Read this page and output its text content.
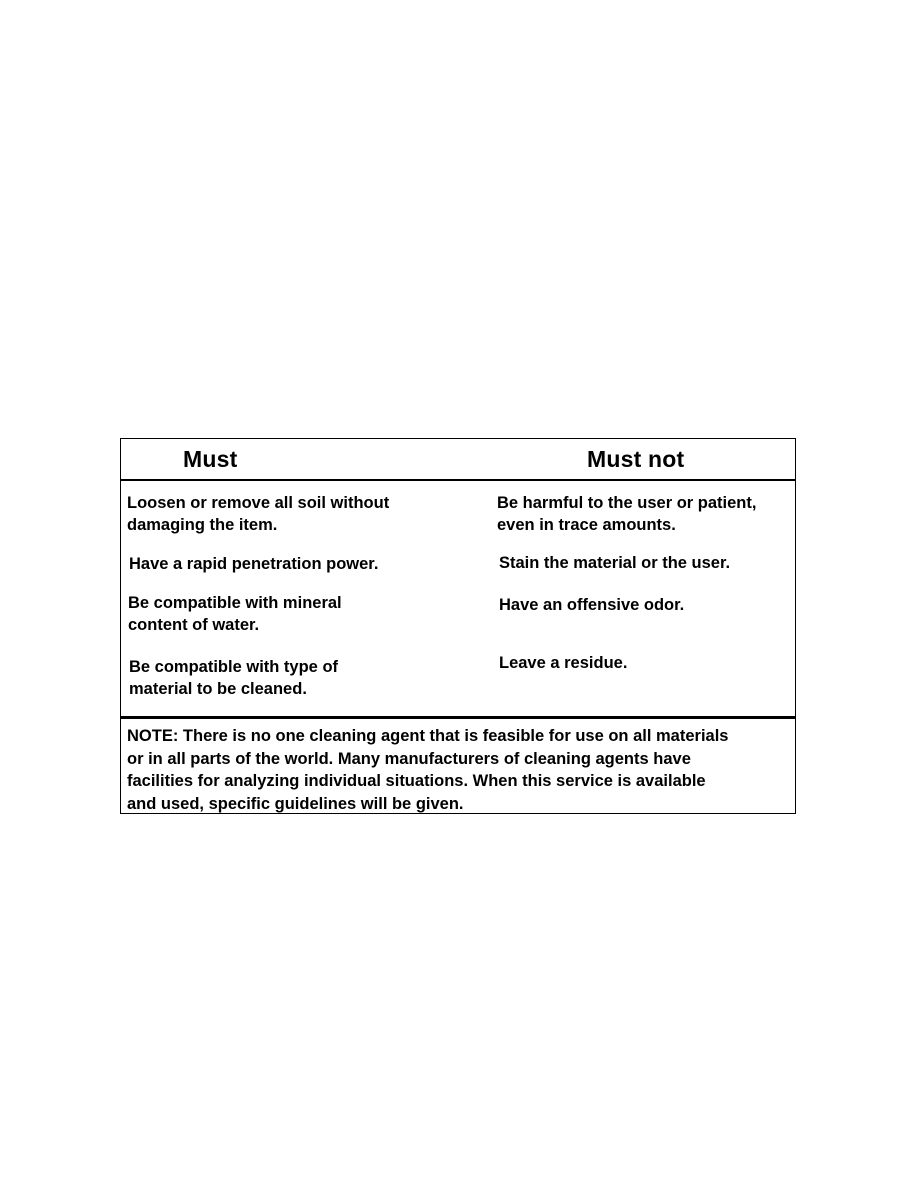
Must	Must not
Loosen or remove all soil without
damaging the item.
Have a rapid penetration power.
Be compatible with mineral
content of water.
Be compatible with type of
material to be cleaned.
Be harmful to the user or patient,
even in trace amounts.
Stain the material or the user.
Have an offensive odor.
Leave a residue.
NOTE: There is no one cleaning agent that is feasible for use on all materials
or in all parts of the world. Many manufacturers of cleaning agents have
facilities for analyzing individual situations. When this service is available
and used, specific guidelines will be given.
